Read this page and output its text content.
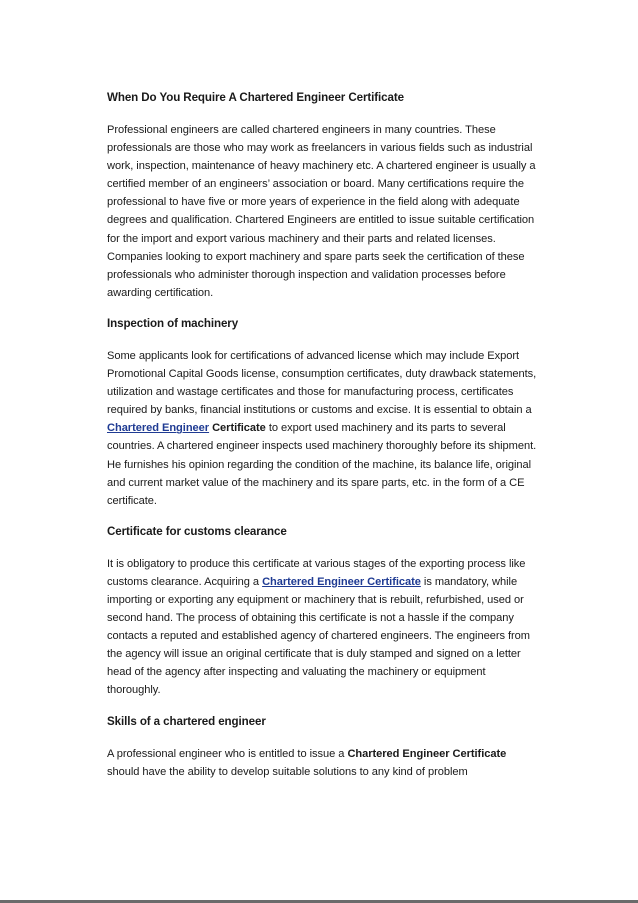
When Do You Require A Chartered Engineer Certificate

Professional engineers are called chartered engineers in many countries. These professionals are those who may work as freelancers in various fields such as industrial work, inspection, maintenance of heavy machinery etc. A chartered engineer is usually a certified member of an engineers’ association or board. Many certifications require the professional to have five or more years of experience in the field along with adequate degrees and qualification. Chartered Engineers are entitled to issue suitable certification for the import and export various machinery and their parts and related licenses. Companies looking to export machinery and spare parts seek the certification of these professionals who administer thorough inspection and validation processes before awarding certification.

Inspection of machinery

Some applicants look for certifications of advanced license which may include Export Promotional Capital Goods license, consumption certificates, duty drawback statements, utilization and wastage certificates and those for manufacturing process, certificates required by banks, financial institutions or customs and excise. It is essential to obtain a Chartered Engineer Certificate to export used machinery and its parts to several countries. A chartered engineer inspects used machinery thoroughly before its shipment. He furnishes his opinion regarding the condition of the machine, its balance life, original and current market value of the machinery and its spare parts, etc. in the form of a CE certificate.

Certificate for customs clearance

It is obligatory to produce this certificate at various stages of the exporting process like customs clearance. Acquiring a Chartered Engineer Certificate is mandatory, while importing or exporting any equipment or machinery that is rebuilt, refurbished, used or second hand. The process of obtaining this certificate is not a hassle if the company contacts a reputed and established agency of chartered engineers. The engineers from the agency will issue an original certificate that is duly stamped and signed on a letter head of the agency after inspecting and valuating the machinery or equipment thoroughly.

Skills of a chartered engineer

A professional engineer who is entitled to issue a Chartered Engineer Certificate should have the ability to develop suitable solutions to any kind of problem
